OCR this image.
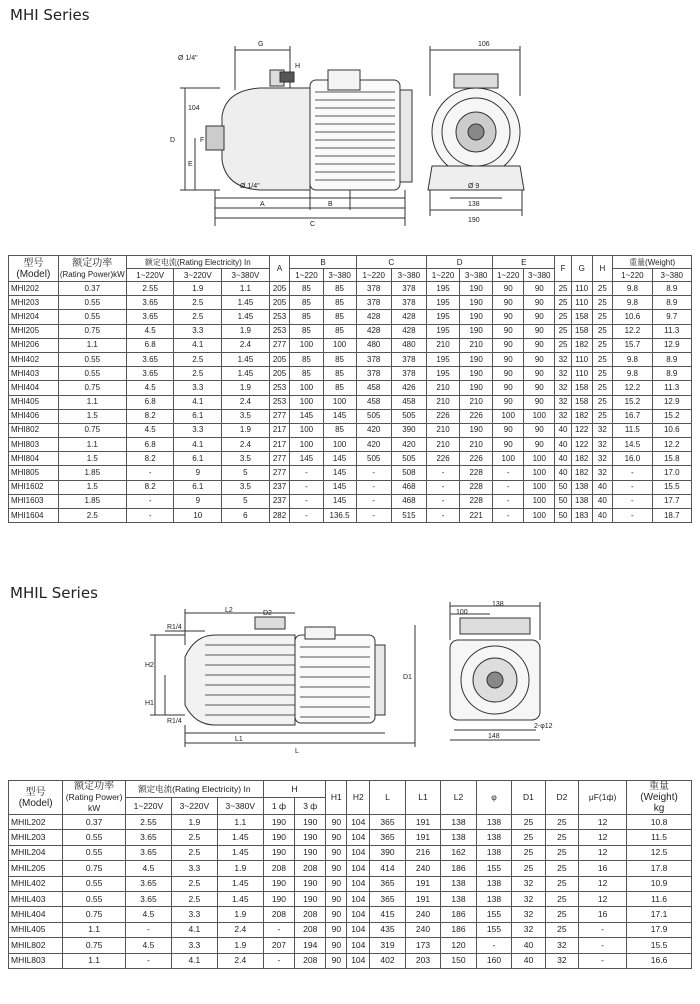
MHI Series
G
H
Ø 1/4"
D
104
E
F
Ø 1/4"
A	B
C
106
Ø 9
138
190
型号
(Model)	额定功率
(Rating Power)kW	额定电流(Rating Electricity) In			A	B		C		D		E		F	G	H	重量(Weight)	
		1~220V	3~220V	3~380V		1~220	3~380	1~220	3~380	1~220	3~380	1~220	3~380				1~220	3~380
MHI202	0.37	2.55	1.9	1.1	205	85	85	378	378	195	190	90	90	25	110	25	9.8	8.9
MHI203	0.55	3.65	2.5	1.45	205	85	85	378	378	195	190	90	90	25	110	25	9.8	8.9
MHI204	0.55	3.65	2.5	1.45	253	85	85	428	428	195	190	90	90	25	158	25	10.6	9.7
MHI205	0.75	4.5	3.3	1.9	253	85	85	428	428	195	190	90	90	25	158	25	12.2	11.3
MHI206	1.1	6.8	4.1	2.4	277	100	100	480	480	210	210	90	90	25	182	25	15.7	12.9
MHI402	0.55	3.65	2.5	1.45	205	85	85	378	378	195	190	90	90	32	110	25	9.8	8.9
MHI403	0.55	3.65	2.5	1.45	205	85	85	378	378	195	190	90	90	32	110	25	9.8	8.9
MHI404	0.75	4.5	3.3	1.9	253	100	85	458	426	210	190	90	90	32	158	25	12.2	11.3
MHI405	1.1	6.8	4.1	2.4	253	100	100	458	458	210	210	90	90	32	158	25	15.2	12.9
MHI406	1.5	8.2	6.1	3.5	277	145	145	505	505	226	226	100	100	32	182	25	16.7	15.2
MHI802	0.75	4.5	3.3	1.9	217	100	85	420	390	210	190	90	90	40	122	32	11.5	10.6
MHI803	1.1	6.8	4.1	2.4	217	100	100	420	420	210	210	90	90	40	122	32	14.5	12.2
MHI804	1.5	8.2	6.1	3.5	277	145	145	505	505	226	226	100	100	40	182	32	16.0	15.8
MHI805	1.85	-	9	5	277	-	145	-	508	-	228	-	100	40	182	32	-	17.0
MHI1602	1.5	8.2	6.1	3.5	237	-	145	-	468	-	228	-	100	50	138	40	-	15.5
MHI1603	1.85	-	9	5	237	-	145	-	468	-	228	-	100	50	138	40	-	17.7
MHI1604	2.5	-	10	6	282	-	136.5	-	515	-	221	-	100	50	183	40	-	18.7
MHIL Series
L2	D2
R1/4
H2
H1
R1/4
L1
L
D1
138
100
148
2-φ12
型号
(Model)	额定功率
(Rating Power)
kW	额定电流(Rating Electricity) In			H		H1	H2	L	L1	L2	φ	D1	D2	μF(1ф)	重量
(Weight)
kg
		1~220V	3~220V	3~380V	1 ф	3 ф										
MHIL202	0.37	2.55	1.9	1.1	190	190	90	104	365	191	138	138	25	25	12	10.8
MHIL203	0.55	3.65	2.5	1.45	190	190	90	104	365	191	138	138	25	25	12	11.5
MHIL204	0.55	3.65	2.5	1.45	190	190	90	104	390	216	162	138	25	25	12	12.5
MHIL205	0.75	4.5	3.3	1.9	208	208	90	104	414	240	186	155	25	25	16	17.8
MHIL402	0.55	3.65	2.5	1.45	190	190	90	104	365	191	138	138	32	25	12	10.9
MHIL403	0.55	3.65	2.5	1.45	190	190	90	104	365	191	138	138	32	25	12	11.6
MHIL404	0.75	4.5	3.3	1.9	208	208	90	104	415	240	186	155	32	25	16	17.1
MHIL405	1.1	-	4.1	2.4	-	208	90	104	435	240	186	155	32	25	-	17.9
MHIL802	0.75	4.5	3.3	1.9	207	194	90	104	319	173	120	-	40	32	-	15.5
MHIL803	1.1	-	4.1	2.4	-	208	90	104	402	203	150	160	40	32	-	16.6
